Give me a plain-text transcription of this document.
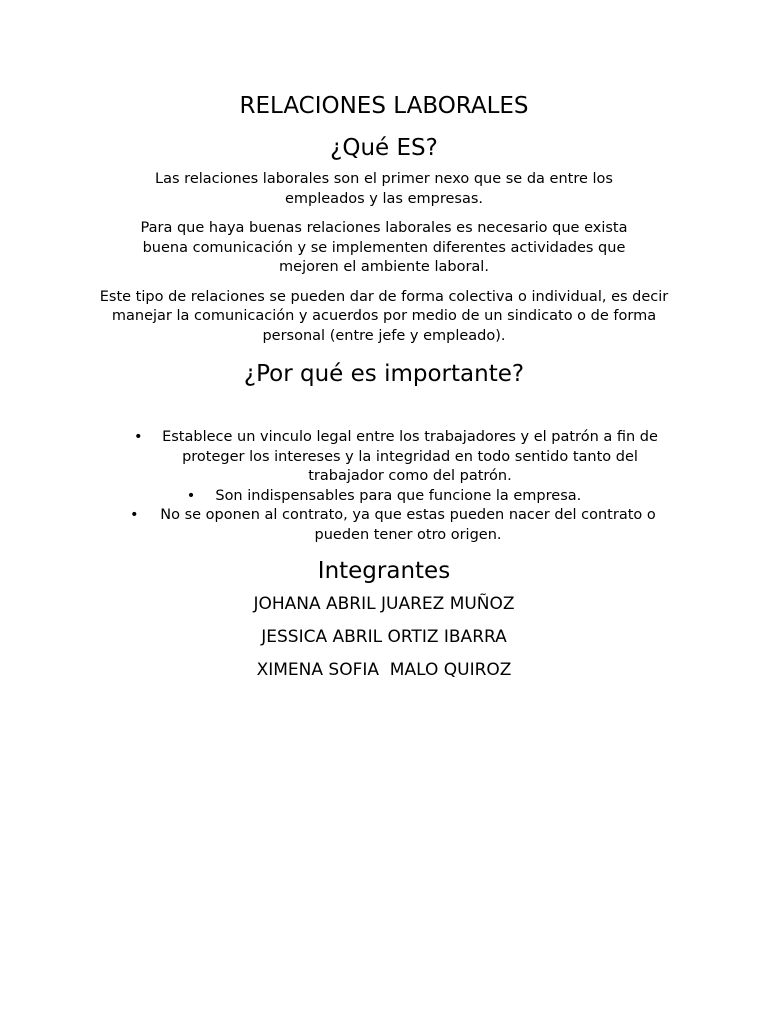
RELACIONES LABORALES
¿Qué ES?

Las relaciones laborales son el primer nexo que se da entre los empleados y las empresas.

Para que haya buenas relaciones laborales es necesario que exista buena comunicación y se implementen diferentes actividades que mejoren el ambiente laboral.

Este tipo de relaciones se pueden dar de forma colectiva o individual, es decir manejar la comunicación y acuerdos por medio de un sindicato o de forma personal (entre jefe y empleado).

¿Por qué es importante?
•	Establece un vinculo legal entre los trabajadores y el patrón a fin de proteger los intereses y la integridad en todo sentido tanto del trabajador como del patrón.
• Son indispensables para que funcione la empresa.
•	No se oponen al contrato, ya que estas pueden nacer del contrato o pueden tener otro origen.
Integrantes

JOHANA ABRIL JUAREZ MUÑOZ

JESSICA ABRIL ORTIZ IBARRA

XIMENA SOFIA  MALO QUIROZ
